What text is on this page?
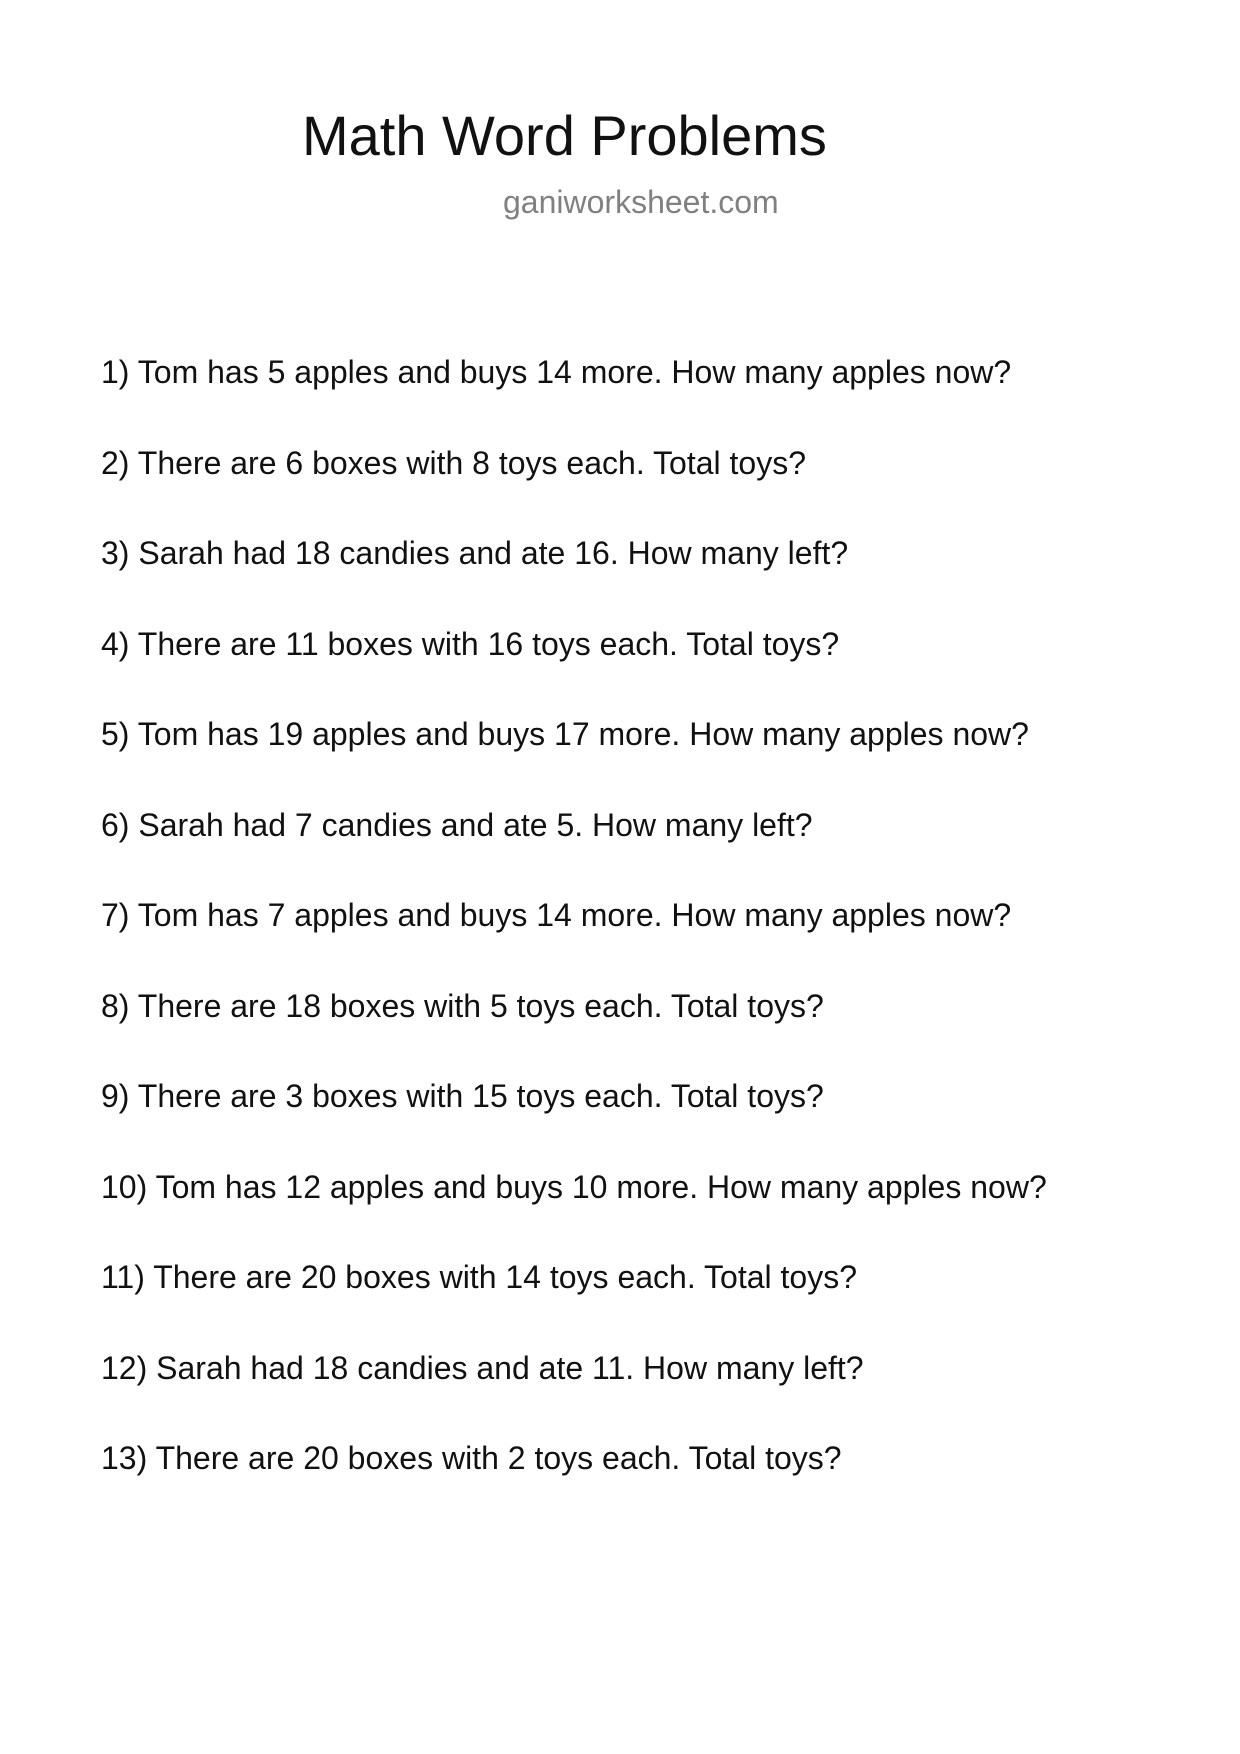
Math Word Problems

ganiworksheet.com

1) Tom has 5 apples and buys 14 more. How many apples now?
2) There are 6 boxes with 8 toys each. Total toys?
3) Sarah had 18 candies and ate 16. How many left?
4) There are 11 boxes with 16 toys each. Total toys?
5) Tom has 19 apples and buys 17 more. How many apples now?
6) Sarah had 7 candies and ate 5. How many left?
7) Tom has 7 apples and buys 14 more. How many apples now?
8) There are 18 boxes with 5 toys each. Total toys?
9) There are 3 boxes with 15 toys each. Total toys?
10) Tom has 12 apples and buys 10 more. How many apples now?
11) There are 20 boxes with 14 toys each. Total toys?
12) Sarah had 18 candies and ate 11. How many left?
13) There are 20 boxes with 2 toys each. Total toys?
